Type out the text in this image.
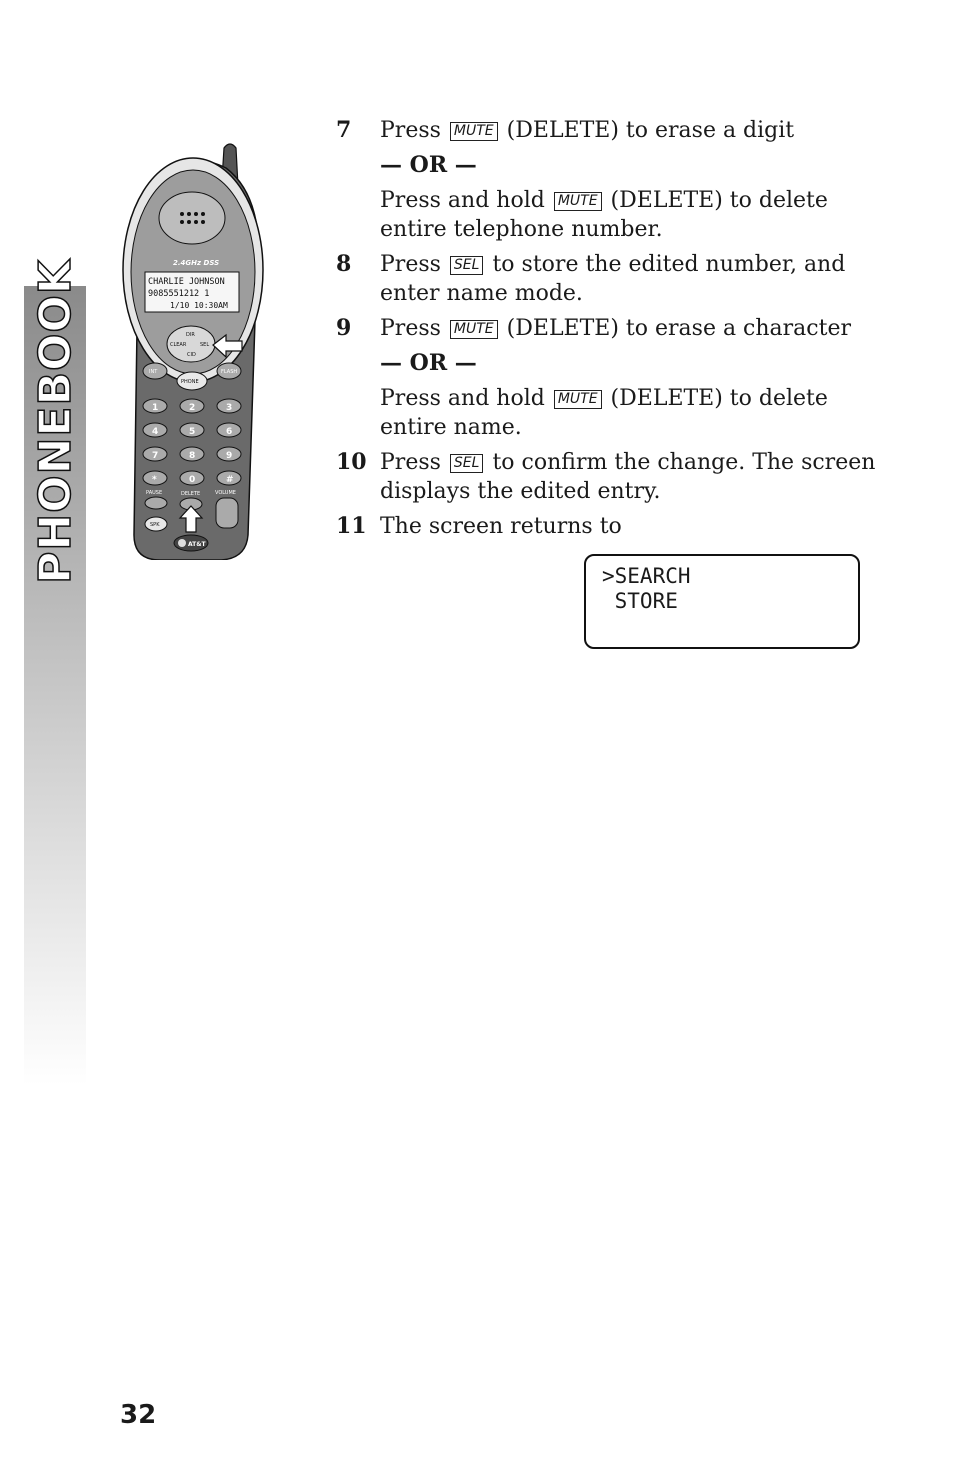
PHONEBOOK	2.4GHz DSS
CHARLIE JOHNSON
9085551212 1
1/10 10:30AM
DIR
CLEAR	SEL
CID
INT
PHONE
FLASH
1	2	3
4	5	6
7	8	9
*	0	#
PAUSE	DELETE	VOLUME
SPK
AT&T
7 Press MUTE (DELETE) to erase a digit

— OR —

Press and hold MUTE (DELETE) to delete entire telephone number.

8 Press SEL to store the edited number, and enter name mode.

9 Press MUTE (DELETE) to erase a character

— OR —

Press and hold MUTE (DELETE) to delete entire name.

10 Press SEL to confirm the change. The screen displays the edited entry.

11 The screen returns to

>SEARCH
STORE
32
